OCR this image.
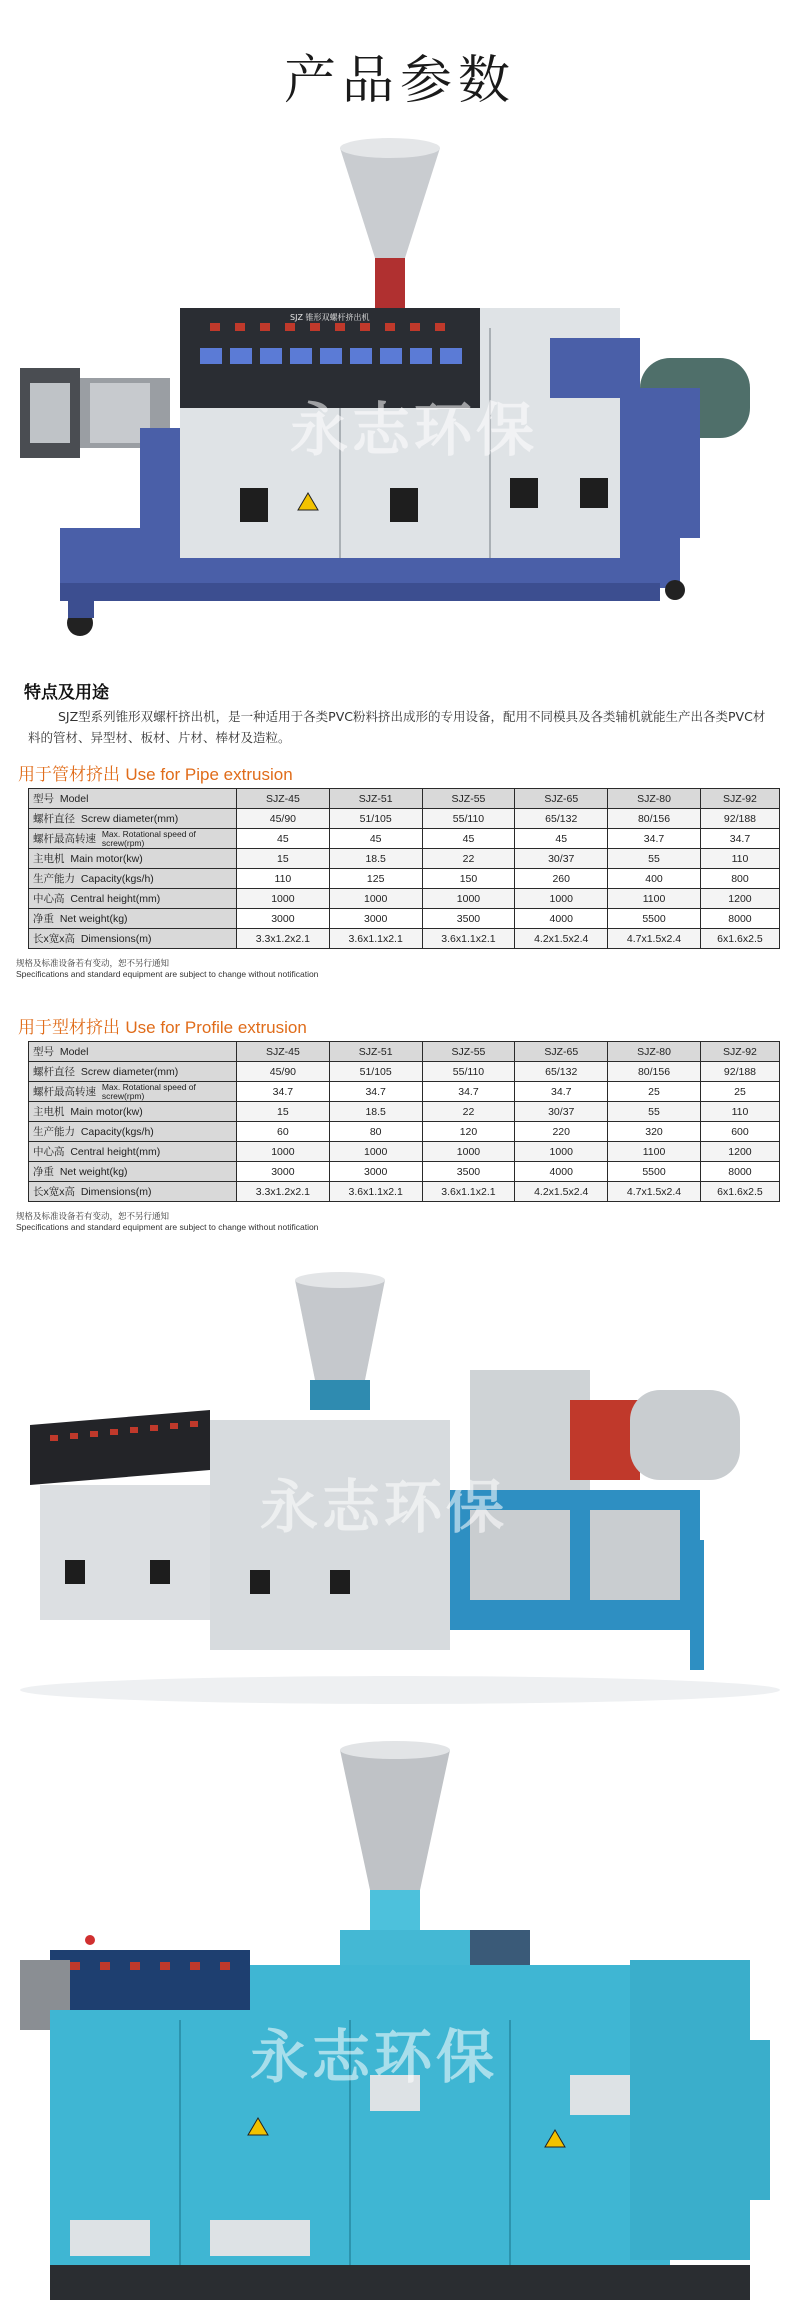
产品参数
SJZ 锥形双螺杆挤出机
永志环保
特点及用途

SJZ型系列锥形双螺杆挤出机，是一种适用于各类PVC粉料挤出成形的专用设备，配用不同模具及各类辅机就能生产出各类PVC材料的管材、异型材、板材、片材、棒材及造粒。

用于管材挤出 Use for Pipe extrusion
型号 Model	SJZ-45	SJZ-51	SJZ-55	SJZ-65	SJZ-80	SJZ-92
螺杆直径 Screw diameter(mm)	45/90	51/105	55/110	65/132	80/156	92/188
螺杆最高转速 Max. Rotational speed of screw(rpm)	45	45	45	45	34.7	34.7
主电机 Main motor(kw)	15	18.5	22	30/37	55	110
生产能力 Capacity(kgs/h)	110	125	150	260	400	800
中心高 Central height(mm)	1000	1000	1000	1000	1100	1200
净重 Net weight(kg)	3000	3000	3500	4000	5500	8000
长x宽x高 Dimensions(m)	3.3x1.2x2.1	3.6x1.1x2.1	3.6x1.1x2.1	4.2x1.5x2.4	4.7x1.5x2.4	6x1.6x2.5
规格及标准设备若有变动，恕不另行通知
Specifications and standard equipment are subject to change without notification
用于型材挤出 Use for Profile extrusion
型号 Model	SJZ-45	SJZ-51	SJZ-55	SJZ-65	SJZ-80	SJZ-92
螺杆直径 Screw diameter(mm)	45/90	51/105	55/110	65/132	80/156	92/188
螺杆最高转速 Max. Rotational speed of screw(rpm)	34.7	34.7	34.7	34.7	25	25
主电机 Main motor(kw)	15	18.5	22	30/37	55	110
生产能力 Capacity(kgs/h)	60	80	120	220	320	600
中心高 Central height(mm)	1000	1000	1000	1000	1100	1200
净重 Net weight(kg)	3000	3000	3500	4000	5500	8000
长x宽x高 Dimensions(m)	3.3x1.2x2.1	3.6x1.1x2.1	3.6x1.1x2.1	4.2x1.5x2.4	4.7x1.5x2.4	6x1.6x2.5
规格及标准设备若有变动，恕不另行通知
Specifications and standard equipment are subject to change without notification
永志环保
永志环保
